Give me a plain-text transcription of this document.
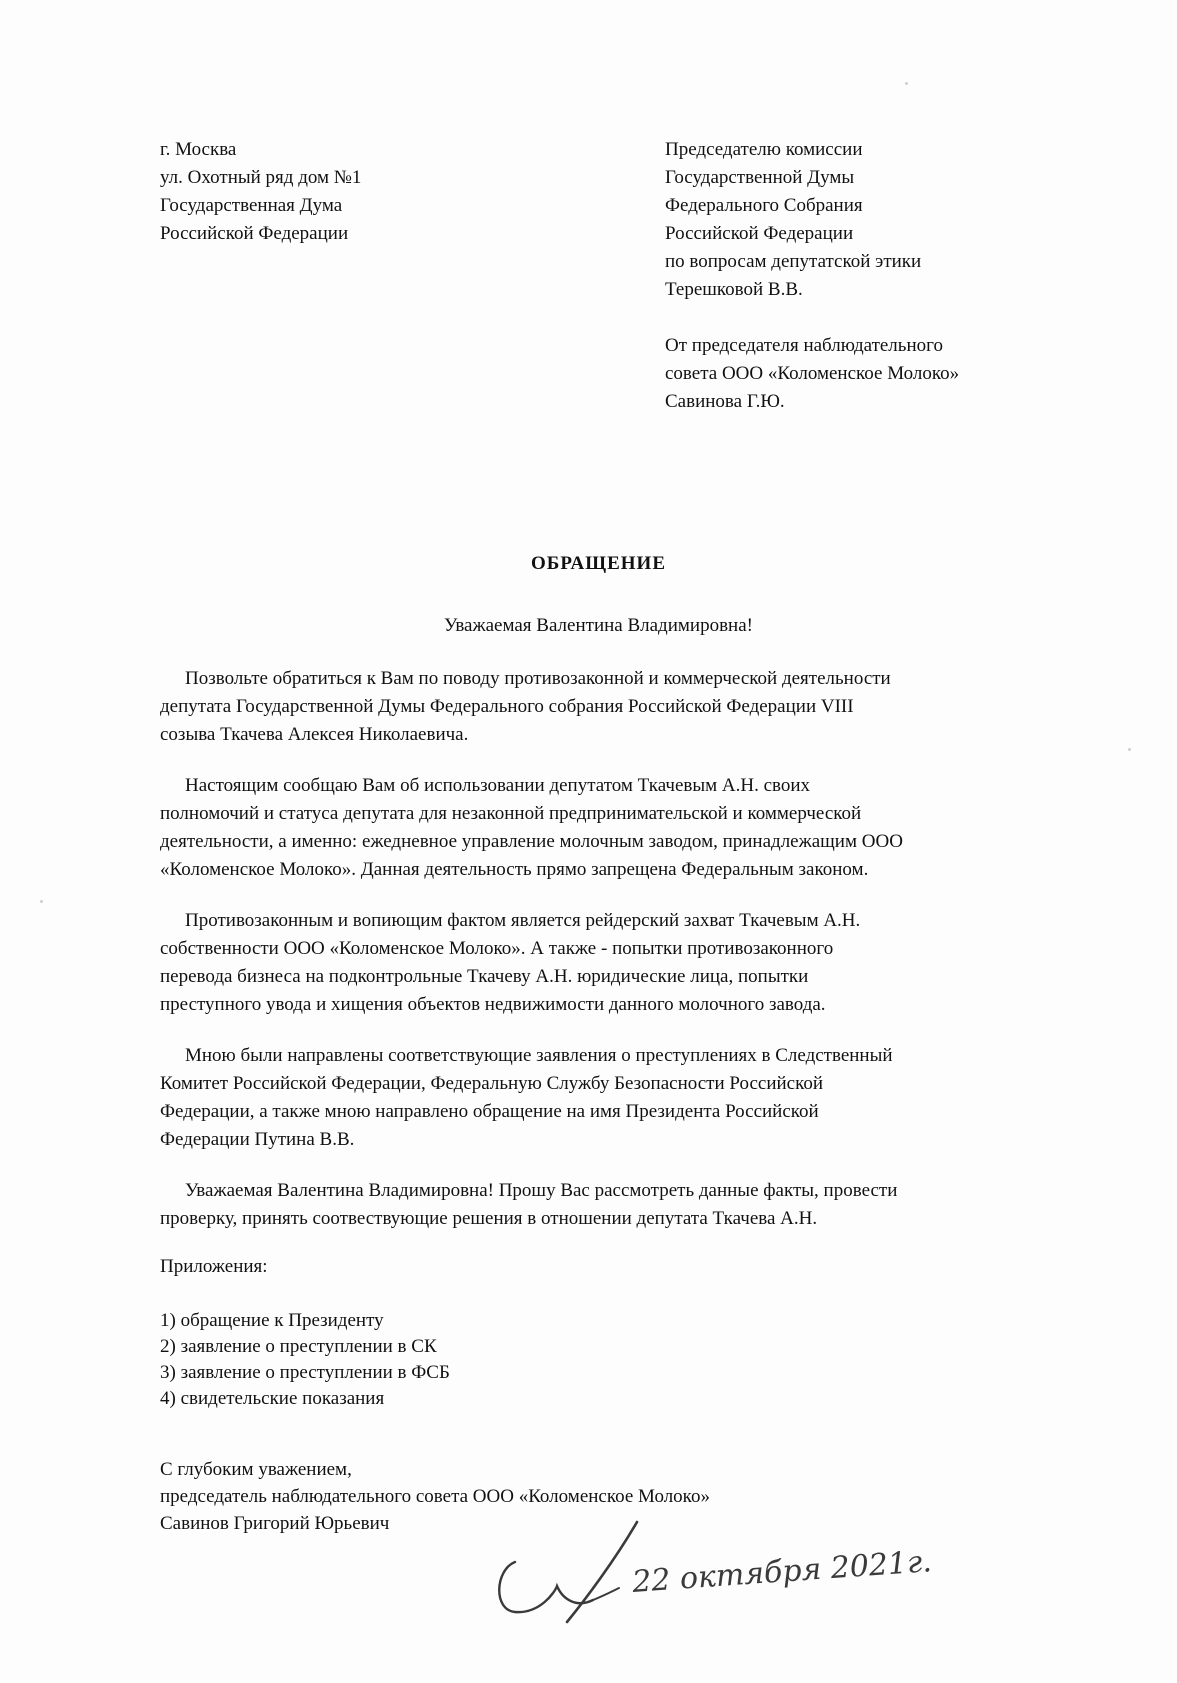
г. Москва
ул. Охотный ряд дом №1
Государственная Дума
Российской Федерации
Председателю комиссии
Государственной Думы
Федерального Собрания
Российской Федерации
по вопросам депутатской этики
Терешковой В.В.
От председателя наблюдательного
совета ООО «Коломенское Молоко»
Савинова Г.Ю.
ОБРАЩЕНИЕ
Уважаемая Валентина Владимировна!
Позвольте обратиться к Вам по поводу противозаконной и коммерческой деятельности
депутата Государственной Думы Федерального собрания Российской Федерации VIII
созыва Ткачева Алексея Николаевича.
Настоящим сообщаю Вам об использовании депутатом Ткачевым А.Н. своих
полномочий и статуса депутата для незаконной предпринимательской и коммерческой
деятельности, а именно: ежедневное управление молочным заводом, принадлежащим ООО
«Коломенское Молоко». Данная деятельность прямо запрещена Федеральным законом.
Противозаконным и вопиющим фактом является рейдерский захват Ткачевым А.Н.
собственности ООО «Коломенское Молоко». А также - попытки противозаконного
перевода бизнеса на подконтрольные Ткачеву А.Н. юридические лица, попытки
преступного увода и хищения объектов недвижимости данного молочного завода.
Мною были направлены соответствующие заявления о преступлениях в Следственный
Комитет Российской Федерации, Федеральную Службу Безопасности Российской
Федерации, а также мною направлено обращение на имя Президента Российской
Федерации Путина В.В.
Уважаемая Валентина Владимировна! Прошу Вас рассмотреть данные факты, провести
проверку, принять соотвествующие решения в отношении депутата Ткачева А.Н.
Приложения:
1) обращение к Президенту
2) заявление о преступлении в СК
3) заявление о преступлении в ФСБ
4) свидетельские показания
С глубоким уважением,
председатель наблюдательного совета ООО «Коломенское Молоко»
Савинов Григорий Юрьевич
22 октября 2021г.
